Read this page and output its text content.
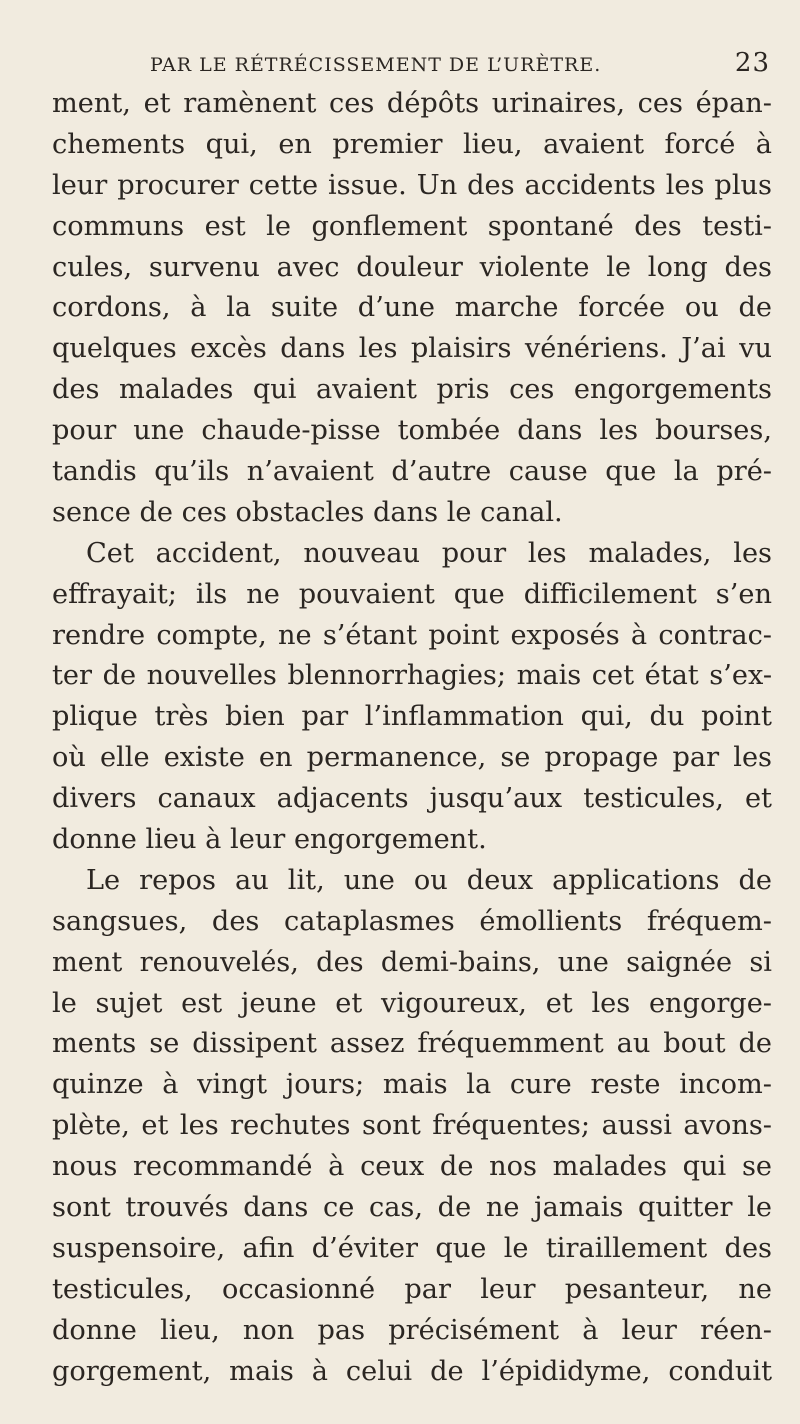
PAR LE RÉTRÉCISSEMENT DE L’URÈTRE.	23
ment, et ramènent ces dépôts urinaires, ces épan-
chements qui, en premier lieu, avaient forcé à
leur procurer cette issue. Un des accidents les plus
communs est le gonflement spontané des testi-
cules, survenu avec douleur violente le long des
cordons, à la suite d’une marche forcée ou de
quelques excès dans les plaisirs vénériens. J’ai vu
des malades qui avaient pris ces engorgements
pour une chaude-pisse tombée dans les bourses,
tandis qu’ils n’avaient d’autre cause que la pré-
sence de ces obstacles dans le canal.
Cet accident, nouveau pour les malades, les
effrayait; ils ne pouvaient que difficilement s’en
rendre compte, ne s’étant point exposés à contrac-
ter de nouvelles blennorrhagies; mais cet état s’ex-
plique très bien par l’inflammation qui, du point
où elle existe en permanence, se propage par les
divers canaux adjacents jusqu’aux testicules, et
donne lieu à leur engorgement.
Le repos au lit, une ou deux applications de
sangsues, des cataplasmes émollients fréquem-
ment renouvelés, des demi-bains, une saignée si
le sujet est jeune et vigoureux, et les engorge-
ments se dissipent assez fréquemment au bout de
quinze à vingt jours; mais la cure reste incom-
plète, et les rechutes sont fréquentes; aussi avons-
nous recommandé à ceux de nos malades qui se
sont trouvés dans ce cas, de ne jamais quitter le
suspensoire, afin d’éviter que le tiraillement des
testicules, occasionné par leur pesanteur, ne
donne lieu, non pas précisément à leur réen-
gorgement, mais à celui de l’épididyme, conduit
